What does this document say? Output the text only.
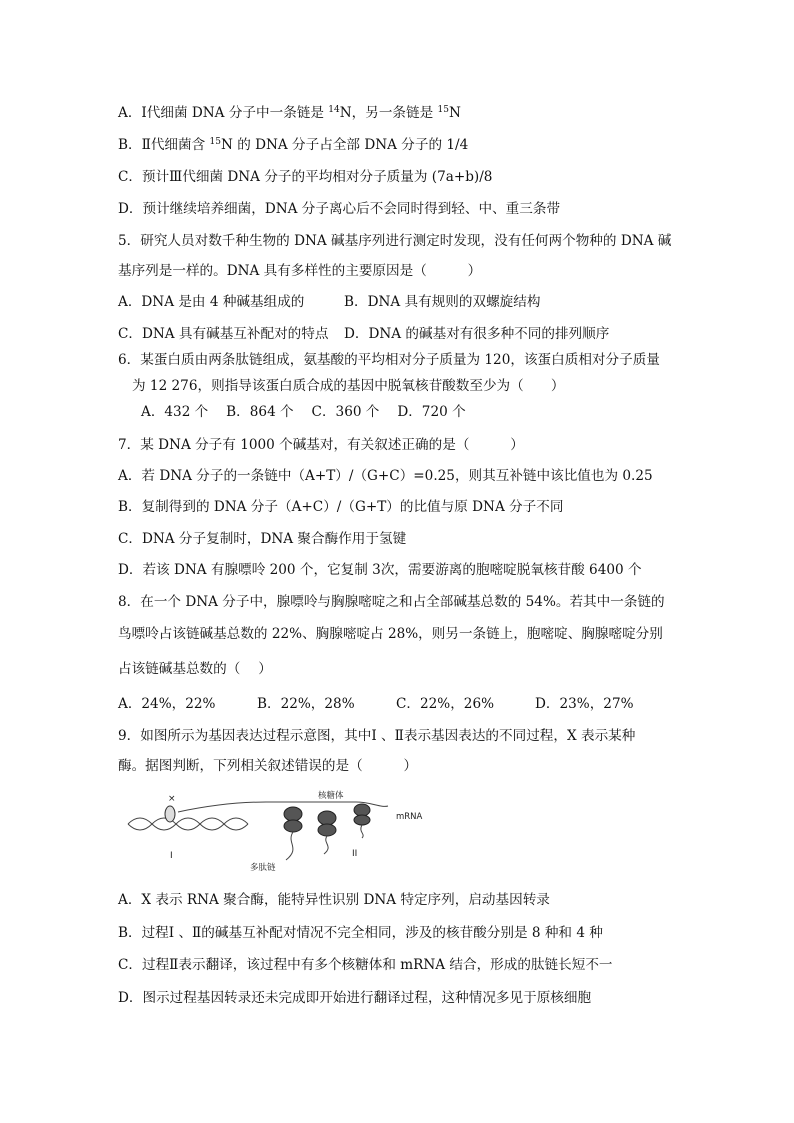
A．Ⅰ代细菌 DNA 分子中一条链是 $^{14}$N，另一条链是 $^{15}$N
B．Ⅱ代细菌含 $^{15}$N 的 DNA 分子占全部 DNA 分子的 1/4
C．预计Ⅲ代细菌 DNA 分子的平均相对分子质量为 (7a+b)/8
D．预计继续培养细菌，DNA 分子离心后不会同时得到轻、中、重三条带
5．研究人员对数千种生物的 DNA 碱基序列进行测定时发现，没有任何两个物种的 DNA 碱
基序列是一样的。DNA 具有多样性的主要原因是（　　　）
A．DNA 是由 4 种碱基组成的	B．DNA 具有规则的双螺旋结构
C．DNA 具有碱基互补配对的特点 D．DNA 的碱基对有很多种不同的排列顺序
6．某蛋白质由两条肽链组成，氨基酸的平均相对分子质量为 120，该蛋白质相对分子质量
为 12 276，则指导该蛋白质合成的基因中脱氧核苷酸数至少为（　　）
A．432 个　 B．864 个　 C．360 个　 D．720 个
7．某 DNA 分子有 1000 个碱基对，有关叙述正确的是（　　　）
A．若 DNA 分子的一条链中（A+T）/（G+C）=0.25，则其互补链中该比值也为 0.25
B．复制得到的 DNA 分子（A+C）/（G+T）的比值与原 DNA 分子不同
C．DNA 分子复制时，DNA 聚合酶作用于氢键
D．若该 DNA 有腺嘌呤 200 个，它复制 3次，需要游离的胞嘧啶脱氧核苷酸 6400 个
8．在一个 DNA 分子中，腺嘌呤与胸腺嘧啶之和占全部碱基总数的 54%。若其中一条链的
鸟嘌呤占该链碱基总数的 22%、胸腺嘧啶占 28%，则另一条链上，胞嘧啶、胸腺嘧啶分别
占该链碱基总数的（　 ）
A．24%，22%	B．22%，28%	C．22%，26%	D．23%，27%
9．如图所示为基因表达过程示意图，其中Ⅰ 、Ⅱ表示基因表达的不同过程，X 表示某种
酶。据图判断，下列相关叙述错误的是（　　　）
×	核糖体
mRNA
多肽链
I	II
A．X 表示 RNA 聚合酶，能特异性识别 DNA 特定序列，启动基因转录
B．过程Ⅰ 、Ⅱ的碱基互补配对情况不完全相同，涉及的核苷酸分别是 8 种和 4 种
C．过程Ⅱ表示翻译，该过程中有多个核糖体和 mRNA 结合，形成的肽链长短不一
D．图示过程基因转录还未完成即开始进行翻译过程，这种情况多见于原核细胞
